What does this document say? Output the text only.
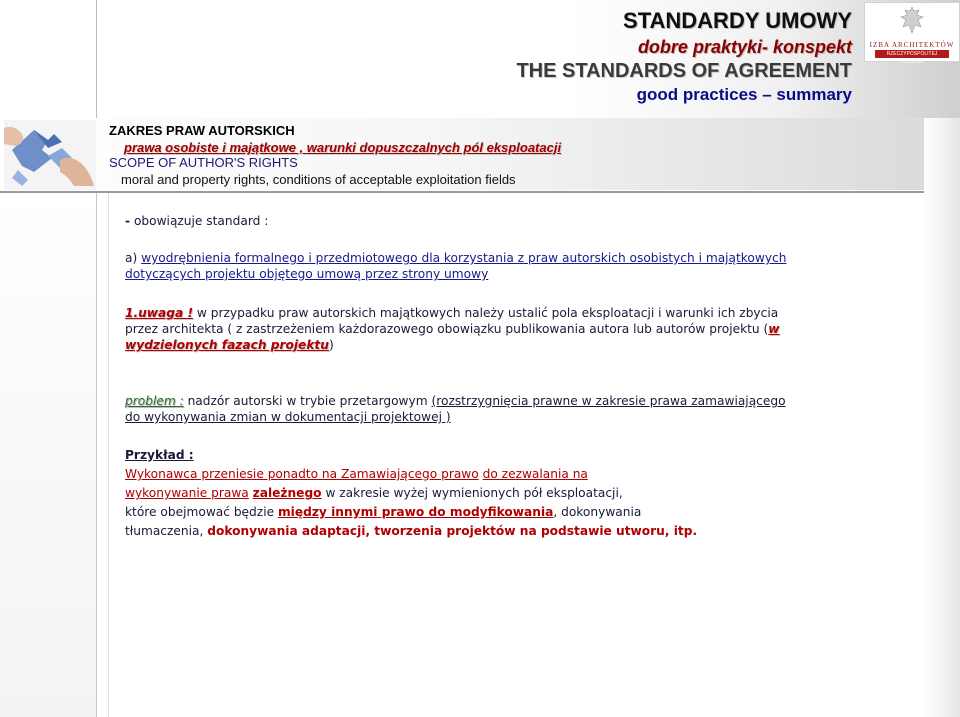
IZBA ARCHITEKTÓW
RZECZYPOSPOLITEJ POLSKIEJ
STANDARDY UMOWY
dobre praktyki- konspekt
THE STANDARDS OF AGREEMENT
good practices – summary
ZAKRES PRAW AUTORSKICH
prawa osobiste i majątkowe , warunki dopuszczalnych pól eksploatacji
SCOPE OF AUTHOR'S RIGHTS
moral and property rights, conditions of acceptable exploitation fields
- obowiązuje standard :
a) wyodrębnienia formalnego i przedmiotowego dla korzystania z praw autorskich osobistych i majątkowych
dotyczących projektu objętego umową przez strony umowy
1.uwaga ! w przypadku praw autorskich majątkowych należy ustalić pola eksploatacji i warunki ich zbycia
przez architekta ( z zastrzeżeniem każdorazowego obowiązku publikowania autora lub autorów projektu (w
wydzielonych fazach projektu)
problem : nadzór autorski w trybie przetargowym (rozstrzygnięcia prawne w zakresie prawa zamawiającego
do wykonywania zmian w dokumentacji projektowej )
Przykład :
Wykonawca przeniesie ponadto na Zamawiającego prawo do zezwalania na
wykonywanie prawa zależnego w zakresie wyżej wymienionych pół eksploatacji,
które obejmować będzie między innymi prawo do modyfikowania, dokonywania
tłumaczenia, dokonywania adaptacji, tworzenia projektów na podstawie utworu, itp.
